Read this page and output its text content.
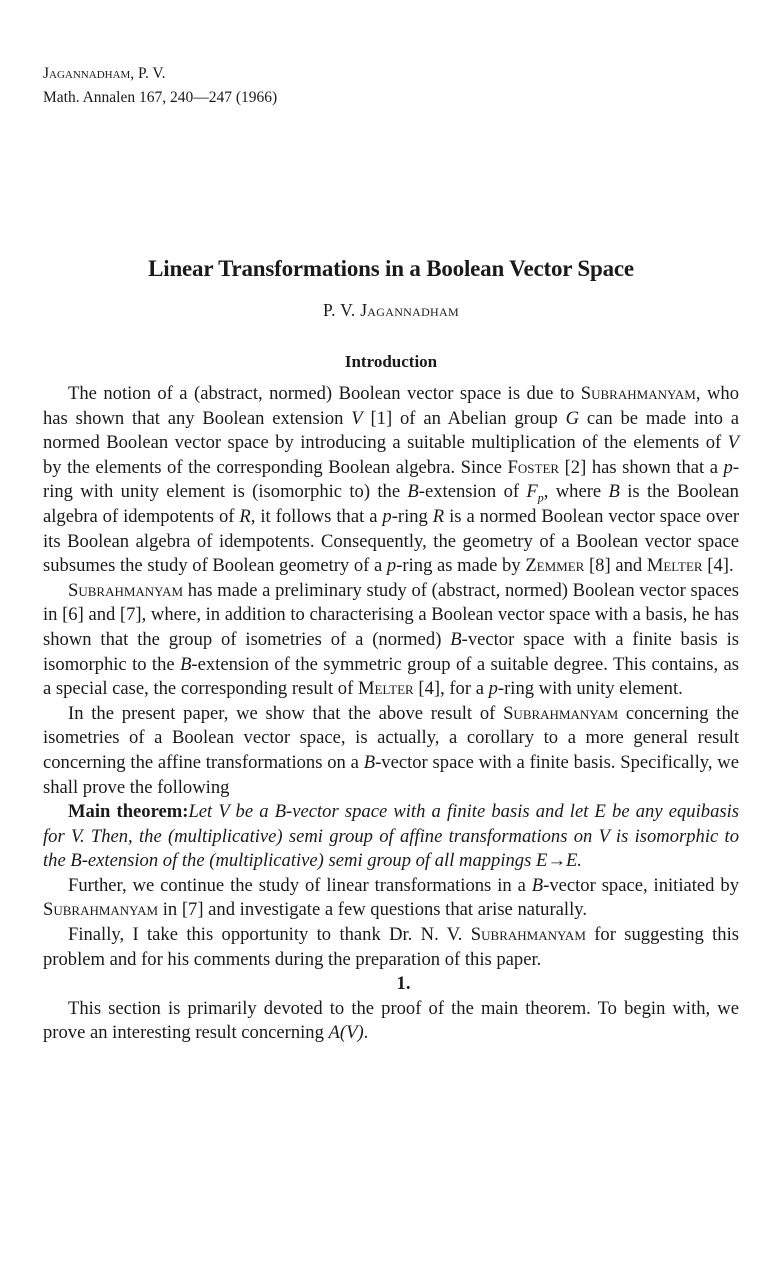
Jagannadham, P. V.
Math. Annalen 167, 240—247 (1966)
Linear Transformations in a Boolean Vector Space
P. V. Jagannadham
Introduction

The notion of a (abstract, normed) Boolean vector space is due to Subrahmanyam, who has shown that any Boolean extension V [1] of an Abelian group G can be made into a normed Boolean vector space by introducing a suitable multiplication of the elements of V by the elements of the corresponding Boolean algebra. Since Foster [2] has shown that a p-ring with unity element is (isomorphic to) the B-extension of $F_p$, where B is the Boolean algebra of idempotents of R, it follows that a p-ring R is a normed Boolean vector space over its Boolean algebra of idempotents. Consequently, the geometry of a Boolean vector space subsumes the study of Boolean geometry of a p-ring as made by Zemmer [8] and Melter [4].

Subrahmanyam has made a preliminary study of (abstract, normed) Boolean vector spaces in [6] and [7], where, in addition to characterising a Boolean vector space with a basis, he has shown that the group of isometries of a (normed) B-vector space with a finite basis is isomorphic to the B-extension of the symmetric group of a suitable degree. This contains, as a special case, the corresponding result of Melter [4], for a p-ring with unity element.

In the present paper, we show that the above result of Subrahmanyam concerning the isometries of a Boolean vector space, is actually, a corollary to a more general result concerning the affine transformations on a B-vector space with a finite basis. Specifically, we shall prove the following

Main theorem:Let V be a B-vector space with a finite basis and let E be any equibasis for V. Then, the (multiplicative) semi group of affine transformations on V is isomorphic to the B-extension of the (multiplicative) semi group of all mappings E→E.

Further, we continue the study of linear transformations in a B-vector space, initiated by Subrahmanyam in [7] and investigate a few questions that arise naturally.

Finally, I take this opportunity to thank Dr. N. V. Subrahmanyam for suggesting this problem and for his comments during the preparation of this paper.

1.

This section is primarily devoted to the proof of the main theorem. To begin with, we prove an interesting result concerning A(V).
